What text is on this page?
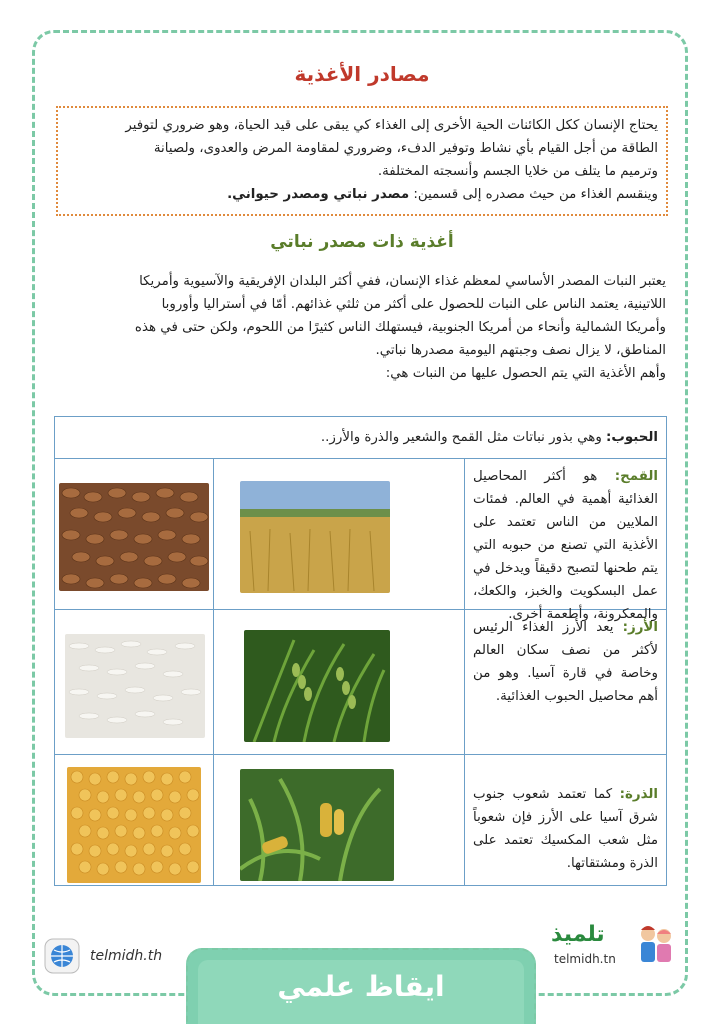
مصادر الأغذية

يحتاج الإنسان ككل الكائنات الحية الأخرى إلى الغذاء كي يبقى على قيد الحياة، وهو ضروري لتوفير

الطاقة من أجل القيام بأي نشاط وتوفير الدفء، وضروري لمقاومة المرض والعدوى، ولصيانة

وترميم ما يتلف من خلايا الجسم وأنسجته المختلفة.

وينقسم الغذاء من حيث مصدره إلى قسمين: مصدر نباتي ومصدر حيواني.

أغذية ذات مصدر نباتي

يعتبر النبات المصدر الأساسي لمعظم غذاء الإنسان، ففي أكثر البلدان الإفريقية والآسيوية وأمريكا

اللاتينية، يعتمد الناس على النبات للحصول على أكثر من ثلثي غذائهم. أمّا في أستراليا وأوروبا

وأمريكا الشمالية وأنحاء من أمريكا الجنوبية، فيستهلك الناس كثيرًا من اللحوم، ولكن حتى في هذه

المناطق، لا يزال نصف وجبتهم اليومية مصدرها نباتي.

وأهم الأغذية التي يتم الحصول عليها من النبات هي:

الحبوب: وهي بذور نباتات مثل القمح والشعير والذرة والأرز..
القمح: هو أكثر المحاصيل الغذائية أهمية في العالم. فمئات الملايين من الناس تعتمد على الأغذية التي تصنع من حبوبه التي يتم طحنها لتصبح دقيقاً ويدخل في عمل البسكويت والخبز، والكعك، والمعكرونة، وأطعمة أخرى.
الأرز: يعد الأرز الغذاء الرئيس لأكثر من نصف سكان العالم وخاصة في قارة آسيا. وهو من أهم محاصيل الحبوب الغذائية.
الذرة: كما تعتمد شعوب جنوب شرق آسيا على الأرز فإن شعوباً مثل شعب المكسيك تعتمد على الذرة ومشتقاتها.
telmidh.th
ايقاظ علمي
تلميذ
telmidh.tn
